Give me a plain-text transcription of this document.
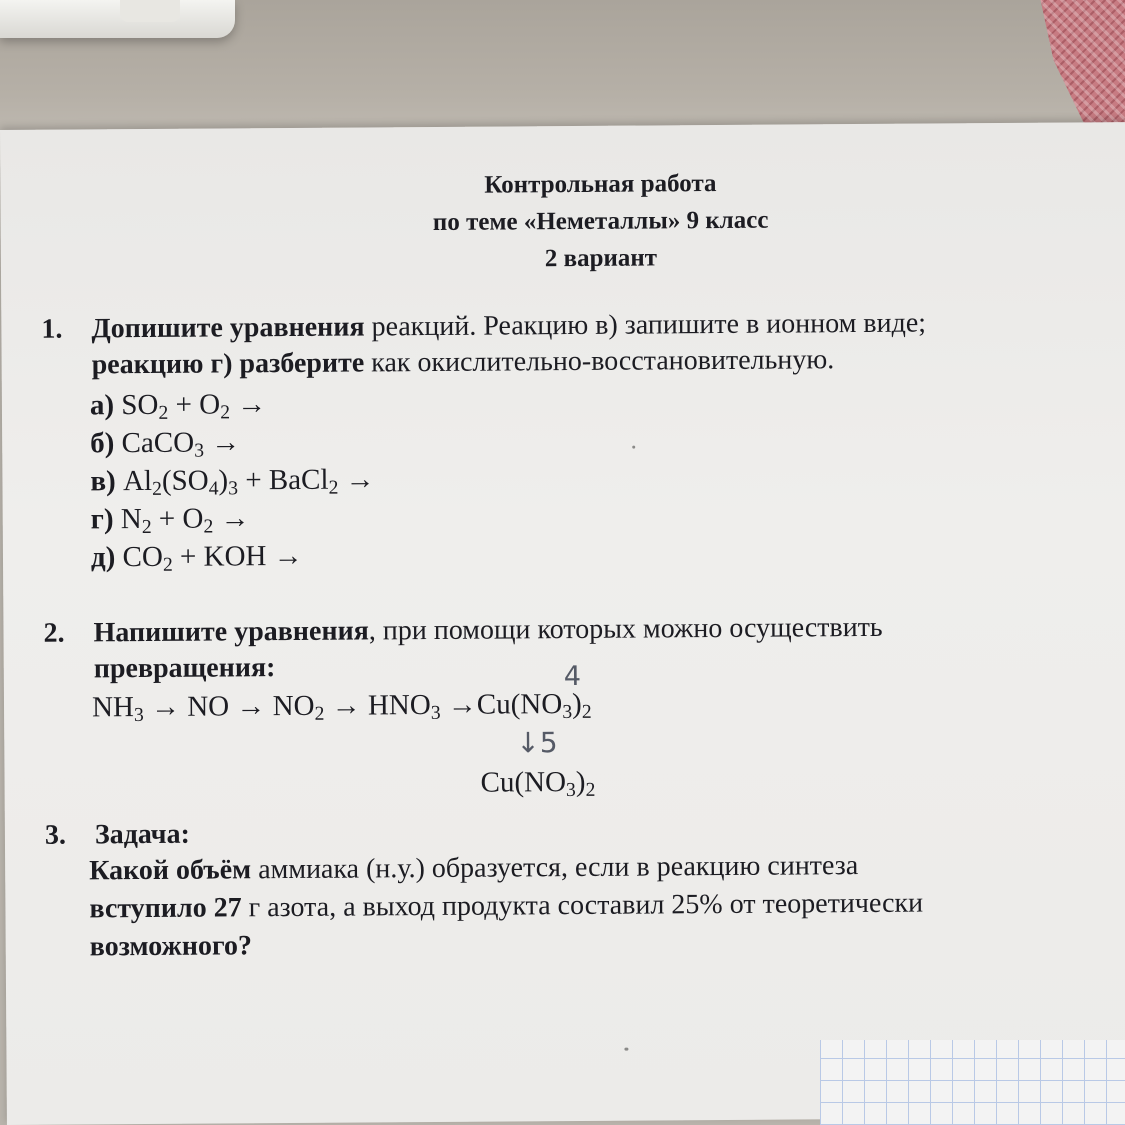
Контрольная работа
по теме «Неметаллы» 9 класс
2 вариант
1. Допишите уравнения реакций. Реакцию в) запишите в ионном виде;
реакцию г) разберите как окислительно-восстановительную.
а) $SO_2 + O_2$ →
б) CaCO$_3$ →
в) $Al_2(SO_4)_3$ + BaCl$_2$ →
г) $N_2 + O_2$ →
д) $CO_2$ + KOH →
2. Напишите уравнения, при помощи которых можно осуществить
превращения:
$NH_3$ → NO → $NO_2 \to HNO_3 \to Cu(NO_3)_2$
4
↓5
$Cu(NO_3)_2$
3. Задача:
Какой объём аммиака (н.у.) образуется, если в реакцию синтеза
вступило 27 г азота, а выход продукта составил 25% от теоретически
возможного?
